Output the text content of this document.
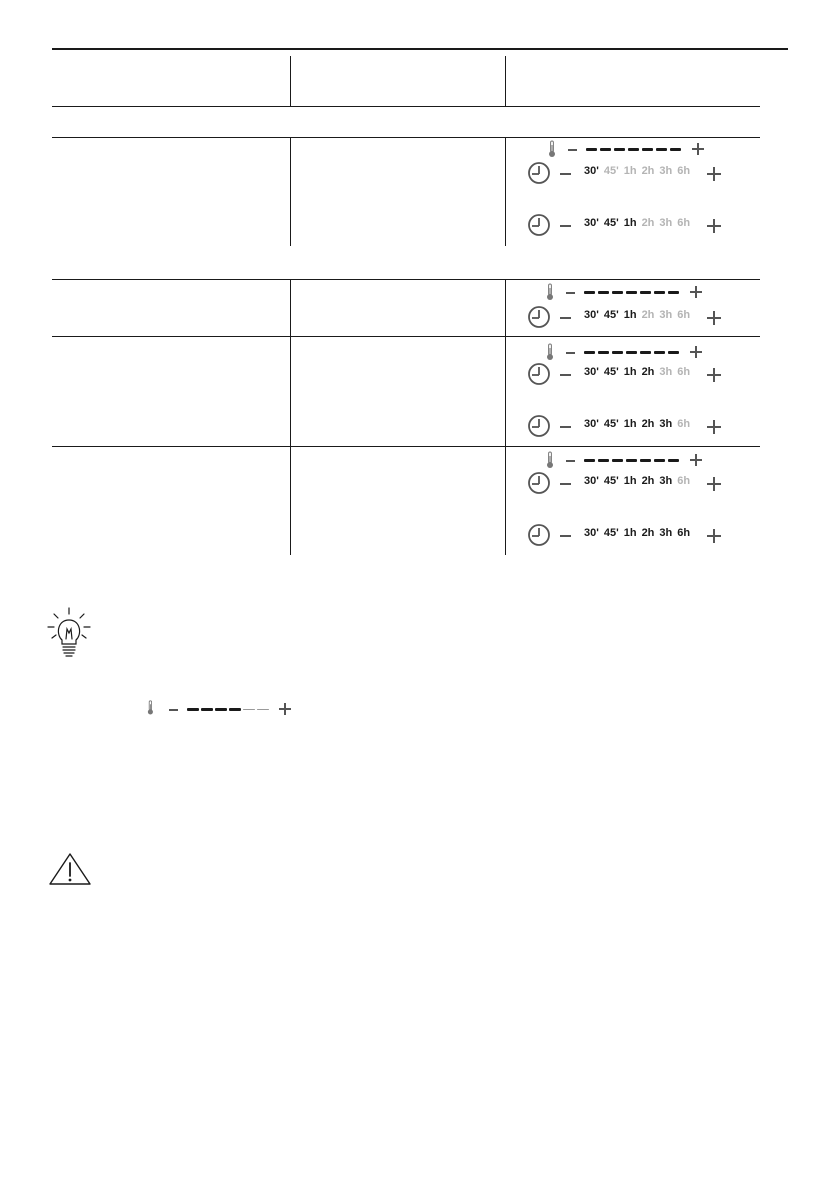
30' 45' 1h 2h 3h 6h
30' 45' 1h 2h 3h 6h
30' 45' 1h 2h 3h 6h
30' 45' 1h 2h 3h 6h
30' 45' 1h 2h 3h 6h
30' 45' 1h 2h 3h 6h
30' 45' 1h 2h 3h 6h
